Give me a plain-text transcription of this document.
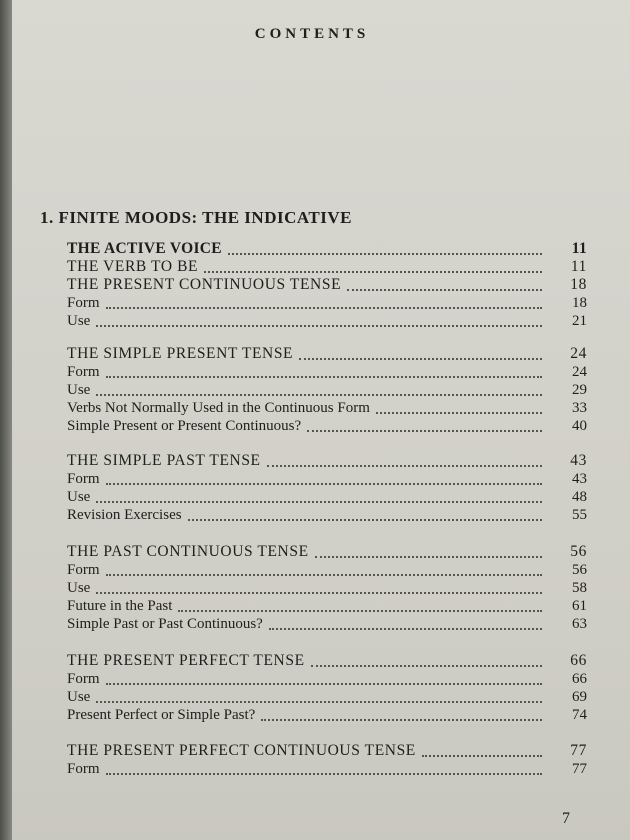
CONTENTS
1. FINITE MOODS: THE INDICATIVE
THE ACTIVE VOICE	11
THE VERB TO BE	11
THE PRESENT CONTINUOUS TENSE	18
Form	18
Use	21
THE SIMPLE PRESENT TENSE	24
Form	24
Use	29
Verbs Not Normally Used in the Continuous Form	33
Simple Present or Present Continuous?	40
THE SIMPLE PAST TENSE	43
Form	43
Use	48
Revision Exercises	55
THE PAST CONTINUOUS TENSE	56
Form	56
Use	58
Future in the Past	61
Simple Past or Past Continuous?	63
THE PRESENT PERFECT TENSE	66
Form	66
Use	69
Present Perfect or Simple Past?	74
THE PRESENT PERFECT CONTINUOUS TENSE	77
Form	77
7
